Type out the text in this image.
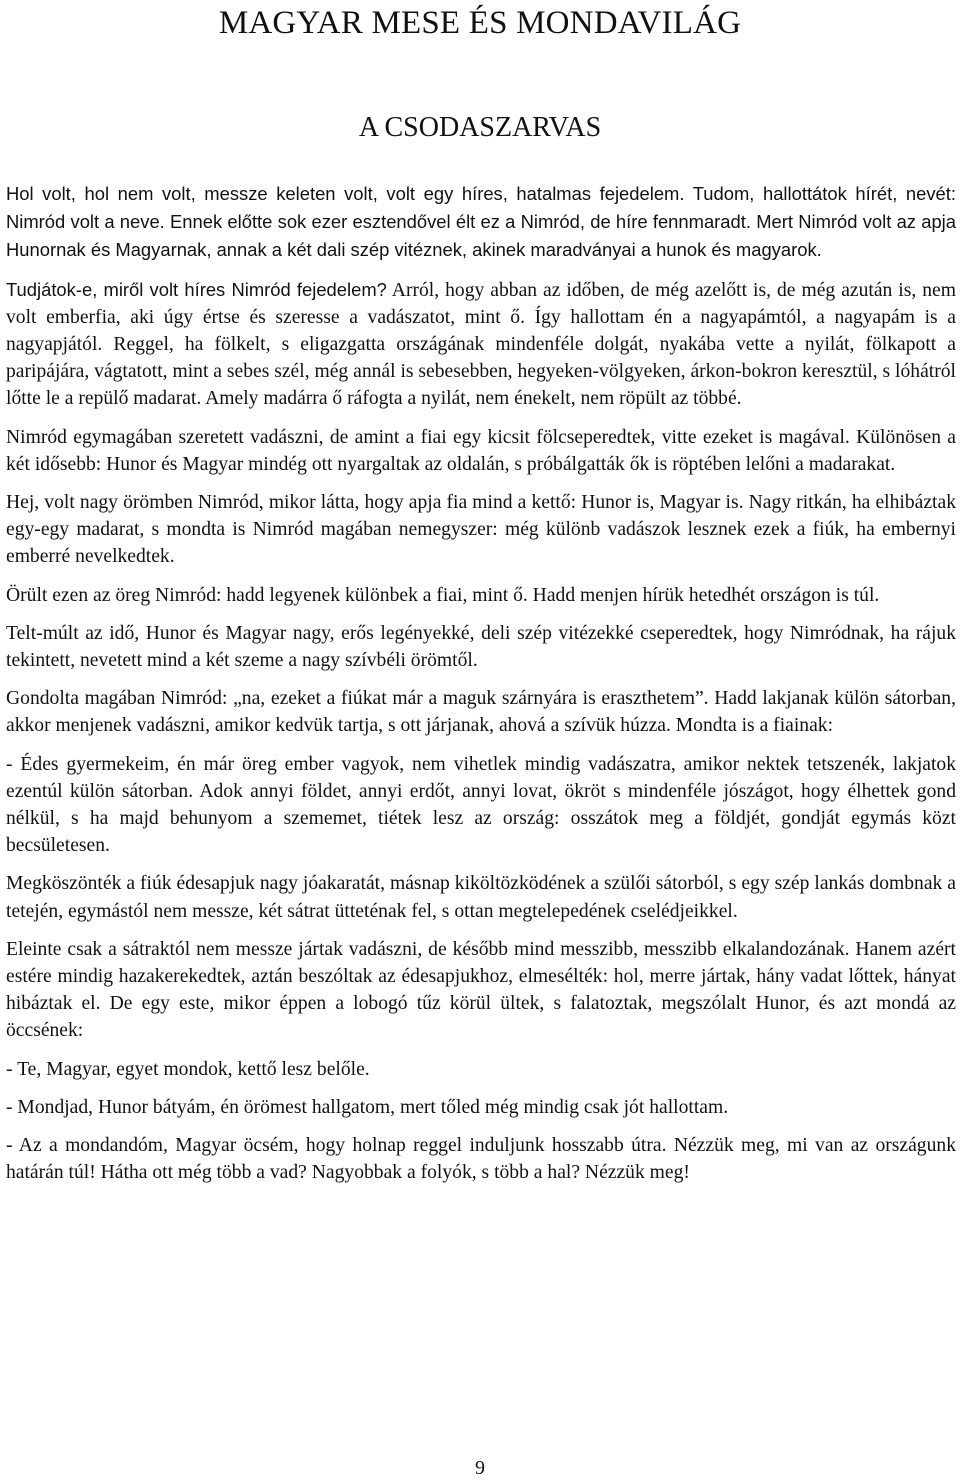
MAGYAR MESE ÉS MONDAVILÁG
A CSODASZARVAS

Hol volt, hol nem volt, messze keleten volt, volt egy híres, hatalmas fejedelem. Tudom, hallottátok hírét, nevét: Nimród volt a neve. Ennek előtte sok ezer esztendővel élt ez a Nimród, de híre fennmaradt. Mert Nimród volt az apja Hunornak és Magyarnak, annak a két dali szép vitéznek, akinek maradványai a hunok és magyarok.

Tudjátok-e, miről volt híres Nimród fejedelem? Arról, hogy abban az időben, de még azelőtt is, de még azután is, nem volt emberfia, aki úgy értse és szeresse a vadászatot, mint ő. Így hallottam én a nagyapámtól, a nagyapám is a nagyapjától. Reggel, ha fölkelt, s eligazgatta országának mindenféle dolgát, nyakába vette a nyilát, fölkapott a paripájára, vágtatott, mint a sebes szél, még annál is sebesebben, hegyeken-völgyeken, árkon-bokron keresztül, s lóhátról lőtte le a repülő madarat. Amely madárra ő ráfogta a nyilát, nem énekelt, nem röpült az többé.

Nimród egymagában szeretett vadászni, de amint a fiai egy kicsit fölcseperedtek, vitte ezeket is magával. Különösen a két idősebb: Hunor és Magyar mindég ott nyargaltak az oldalán, s próbálgatták ők is röptében lelőni a madarakat.

Hej, volt nagy örömben Nimród, mikor látta, hogy apja fia mind a kettő: Hunor is, Magyar is. Nagy ritkán, ha elhibáztak egy-egy madarat, s mondta is Nimród magában nemegyszer: még különb vadászok lesznek ezek a fiúk, ha embernyi emberré nevelkedtek.

Örült ezen az öreg Nimród: hadd legyenek különbek a fiai, mint ő. Hadd menjen hírük hetedhét országon is túl.

Telt-múlt az idő, Hunor és Magyar nagy, erős legényekké, deli szép vitézekké cseperedtek, hogy Nimródnak, ha rájuk tekintett, nevetett mind a két szeme a nagy szívbéli örömtől.

Gondolta magában Nimród: „na, ezeket a fiúkat már a maguk szárnyára is eraszthetem”. Hadd lakjanak külön sátorban, akkor menjenek vadászni, amikor kedvük tartja, s ott járjanak, ahová a szívük húzza. Mondta is a fiainak:

- Édes gyermekeim, én már öreg ember vagyok, nem vihetlek mindig vadászatra, amikor nektek tetszenék, lakjatok ezentúl külön sátorban. Adok annyi földet, annyi erdőt, annyi lovat, ökröt s mindenféle jószágot, hogy élhettek gond nélkül, s ha majd behunyom a szememet, tiétek lesz az ország: osszátok meg a földjét, gondját egymás közt becsületesen.

Megköszönték a fiúk édesapjuk nagy jóakaratát, másnap kiköltözködének a szülői sátorból, s egy szép lankás dombnak a tetején, egymástól nem messze, két sátrat ütteténak fel, s ottan megtelepedének cselédjeikkel.

Eleinte csak a sátraktól nem messze jártak vadászni, de később mind messzibb, messzibb elkalandozának. Hanem azért estére mindig hazakerekedtek, aztán beszóltak az édesapjukhoz, elmesélték: hol, merre jártak, hány vadat lőttek, hányat hibáztak el. De egy este, mikor éppen a lobogó tűz körül ültek, s falatoztak, megszólalt Hunor, és azt mondá az öccsének:

- Te, Magyar, egyet mondok, kettő lesz belőle.

- Mondjad, Hunor bátyám, én örömest hallgatom, mert tőled még mindig csak jót hallottam.

- Az a mondandóm, Magyar öcsém, hogy holnap reggel induljunk hosszabb útra. Nézzük meg, mi van az országunk határán túl! Hátha ott még több a vad? Nagyobbak a folyók, s több a hal? Nézzük meg!

9
